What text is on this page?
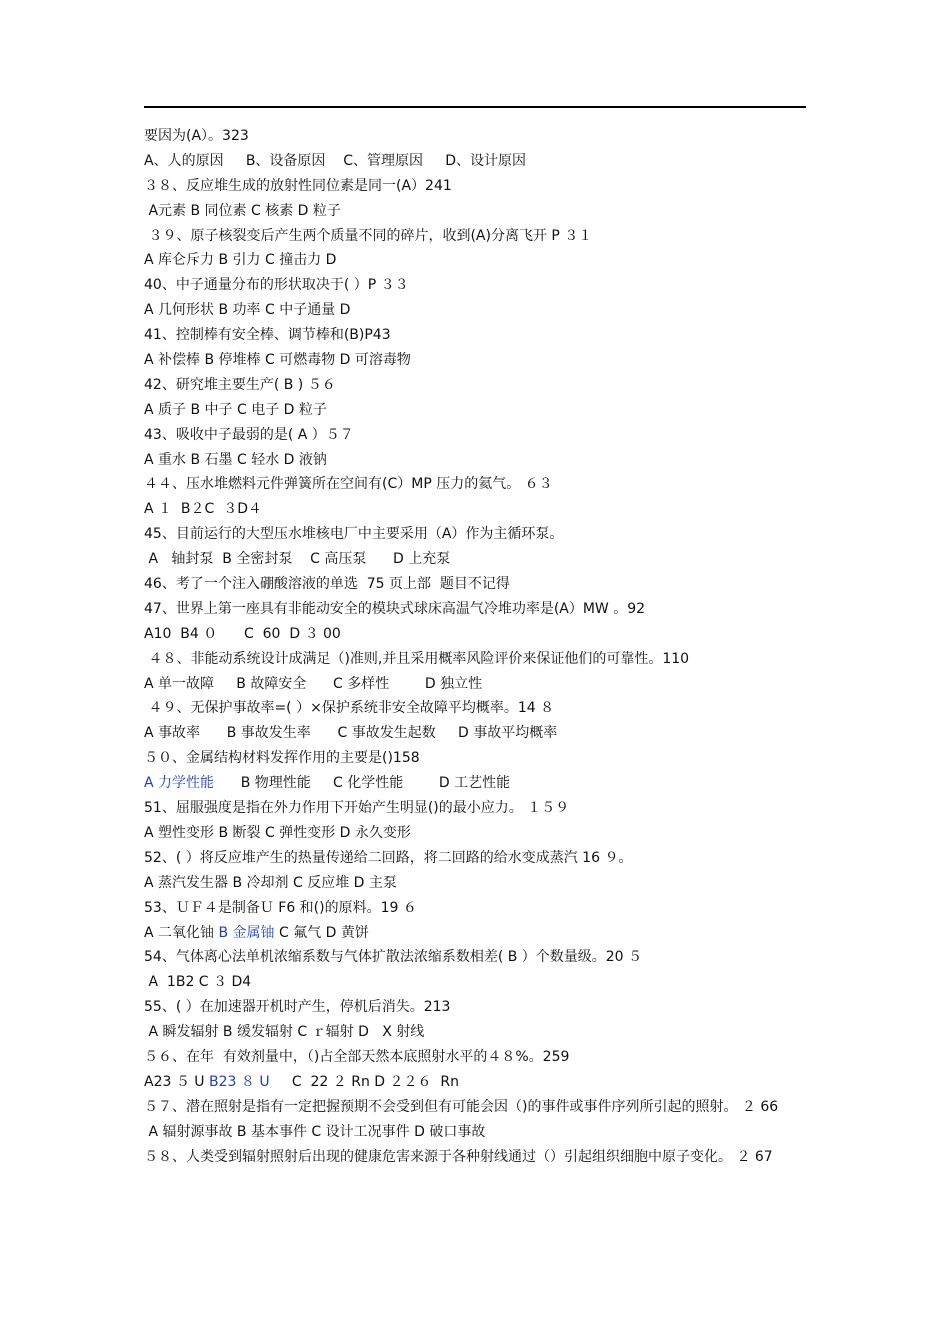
要因为(A）。323
A、人的原因     B、设备原因    C、管理原因     D、设计原因
３８、反应堆生成的放射性同位素是同一(A）241
A元素 B 同位素 C 核素 D 粒子
３９、原子核裂变后产生两个质量不同的碎片，收到(A)分离飞开 P ３１
A 库仑斥力 B 引力 C 撞击力 D
40、中子通量分布的形状取决于( ）P ３３
A 几何形状 B 功率 C 中子通量 D
41、控制棒有安全棒、调节棒和(B)P43
A 补偿棒 B 停堆棒 C 可燃毒物 D 可溶毒物
42、研究堆主要生产( B ) ５６
A 质子 B 中子 C 电子 D 粒子
43、吸收中子最弱的是( A ）５７
A 重水 B 石墨 C 轻水 D 液钠
４４、压水堆燃料元件弹簧所在空间有(C）MP 压力的氦气。 ６３
A １  B２C  ３D４
45、目前运行的大型压水堆核电厂中主要采用（A）作为主循环泵。
A   轴封泵  B 全密封泵    C 高压泵      D 上充泵
46、考了一个注入硼酸溶液的单选  75 页上部  题目不记得
47、世界上第一座具有非能动安全的模块式球床高温气冷堆功率是(A）MW 。92
A10  B4 ０      C  60  D ３ 00
４８、非能动系统设计成满足（)准则,并且采用概率风险评价来保证他们的可靠性。110
A 单一故障     B 故障安全      C 多样性        D 独立性
４９、无保护事故率=( ）×保护系统非安全故障平均概率。14 ８
A 事故率      B 事故发生率      C 事故发生起数     D 事故平均概率
５０、金属结构材料发挥作用的主要是()158
A 力学性能      B 物理性能     C 化学性能        D 工艺性能
51、屈服强度是指在外力作用下开始产生明显()的最小应力。 １５９
A 塑性变形 B 断裂 C 弹性变形 D 永久变形
52、( ）将反应堆产生的热量传递给二回路，将二回路的给水变成蒸汽 16 ９。
A 蒸汽发生器 B 冷却剂 C 反应堆 D 主泵
53、ＵＦ４是制备Ｕ F6 和()的原料。19 ６
A 二氧化铀 B 金属铀 C 氟气 D 黄饼
54、气体离心法单机浓缩系数与气体扩散法浓缩系数相差( B ）个数量级。20 ５
A  1B2 C ３ D4
55、( ）在加速器开机时产生，停机后消失。213
A 瞬发辐射 B 缓发辐射 C ｒ辐射 D   X 射线
５６、在年  有效剂量中，（)占全部天然本底照射水平的４８%。259
A23 ５ U B23 ８ U     C  22 ２ Rn D ２２６  Rn
５７、潜在照射是指有一定把握预期不会受到但有可能会因（)的事件或事件序列所引起的照射。 ２ 66
A 辐射源事故 B 基本事件 C 设计工况事件 D 破口事故
５８、人类受到辐射照射后出现的健康危害来源于各种射线通过（）引起组织细胞中原子变化。 ２ 67
